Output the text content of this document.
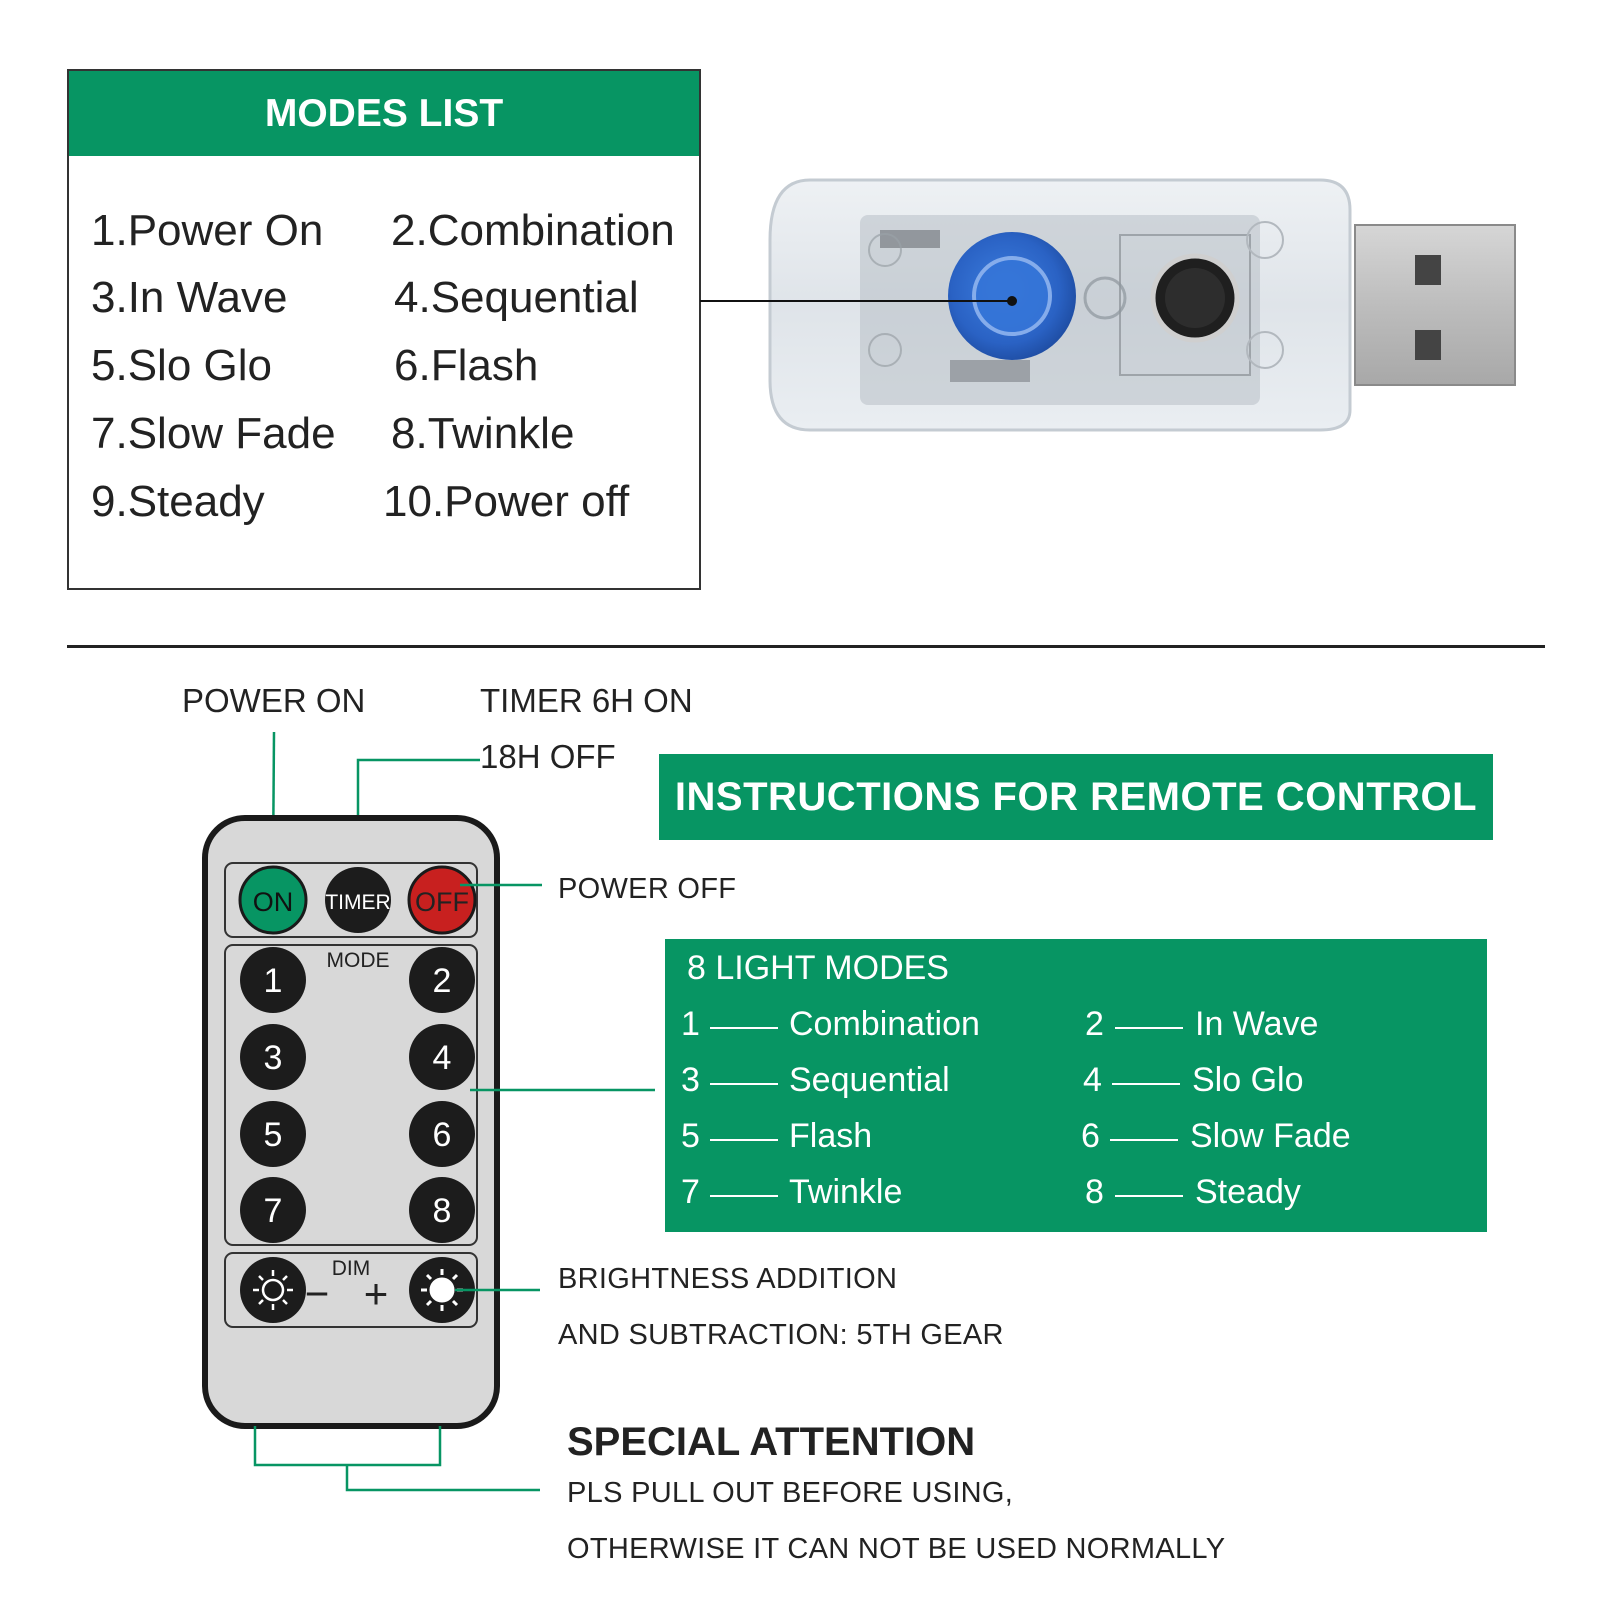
MODES LIST
1.Power On 2.Combination
3.In Wave 4.Sequential
5.Slo Glo	6.Flash
7.Slow Fade 8.Twinkle
9.Steady	10.Power off
ON TIMER OFF
MODE
1	2
3	4
5	6
7	8
DIM
− +
POWER ON	TIMER 6H ON
18H OFF
POWER OFF
BRIGHTNESS ADDITION
AND SUBTRACTION: 5TH GEAR
INSTRUCTIONS FOR REMOTE CONTROL
8 LIGHT MODES
1	Combination	2	In Wave
3	Sequential	4	Slo Glo
5	Flash	6	Slow Fade
7	Twinkle	8	Steady
SPECIAL ATTENTION
PLS PULL OUT BEFORE USING,
OTHERWISE IT CAN NOT BE USED NORMALLY
